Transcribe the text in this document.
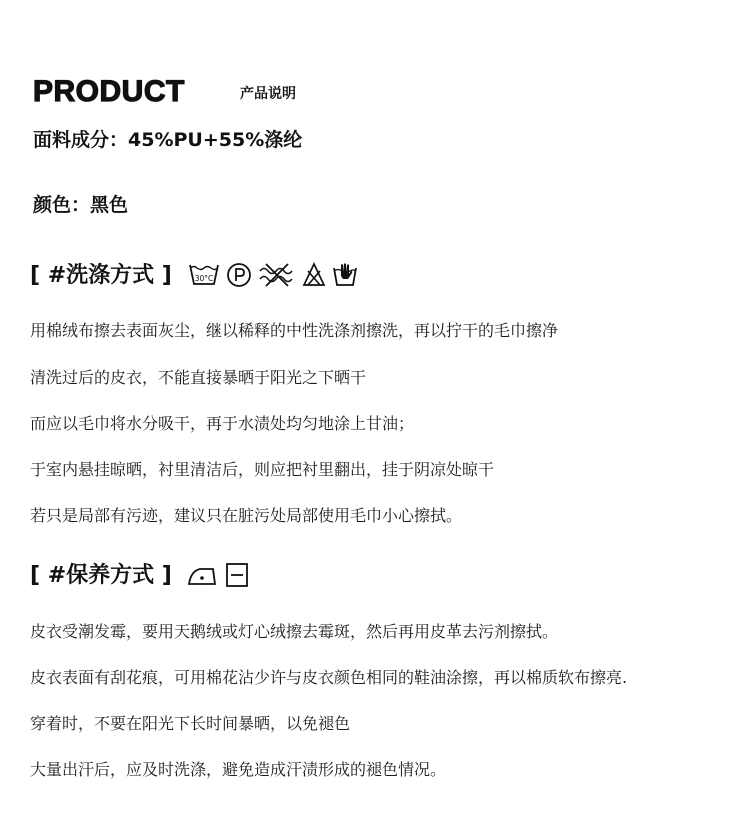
PRODUCT	产品说明
面料成分：45%PU+55%涤纶
颜色：黑色
[ #洗涤方式 ]	30°C
用棉绒布擦去表面灰尘，继以稀释的中性洗涤剂擦洗，再以拧干的毛巾擦净
清洗过后的皮衣，不能直接暴晒于阳光之下晒干
而应以毛巾将水分吸干，再于水渍处均匀地涂上甘油；
于室内悬挂晾晒，衬里清洁后，则应把衬里翻出，挂于阴凉处晾干
若只是局部有污迹，建议只在脏污处局部使用毛巾小心擦拭。
[ #保养方式 ]
皮衣受潮发霉，要用天鹅绒或灯心绒擦去霉斑，然后再用皮革去污剂擦拭。
皮衣表面有刮花痕，可用棉花沾少许与皮衣颜色相同的鞋油涂擦，再以棉质软布擦亮.
穿着时，不要在阳光下长时间暴晒，以免褪色
大量出汗后，应及时洗涤，避免造成汗渍形成的褪色情况。
